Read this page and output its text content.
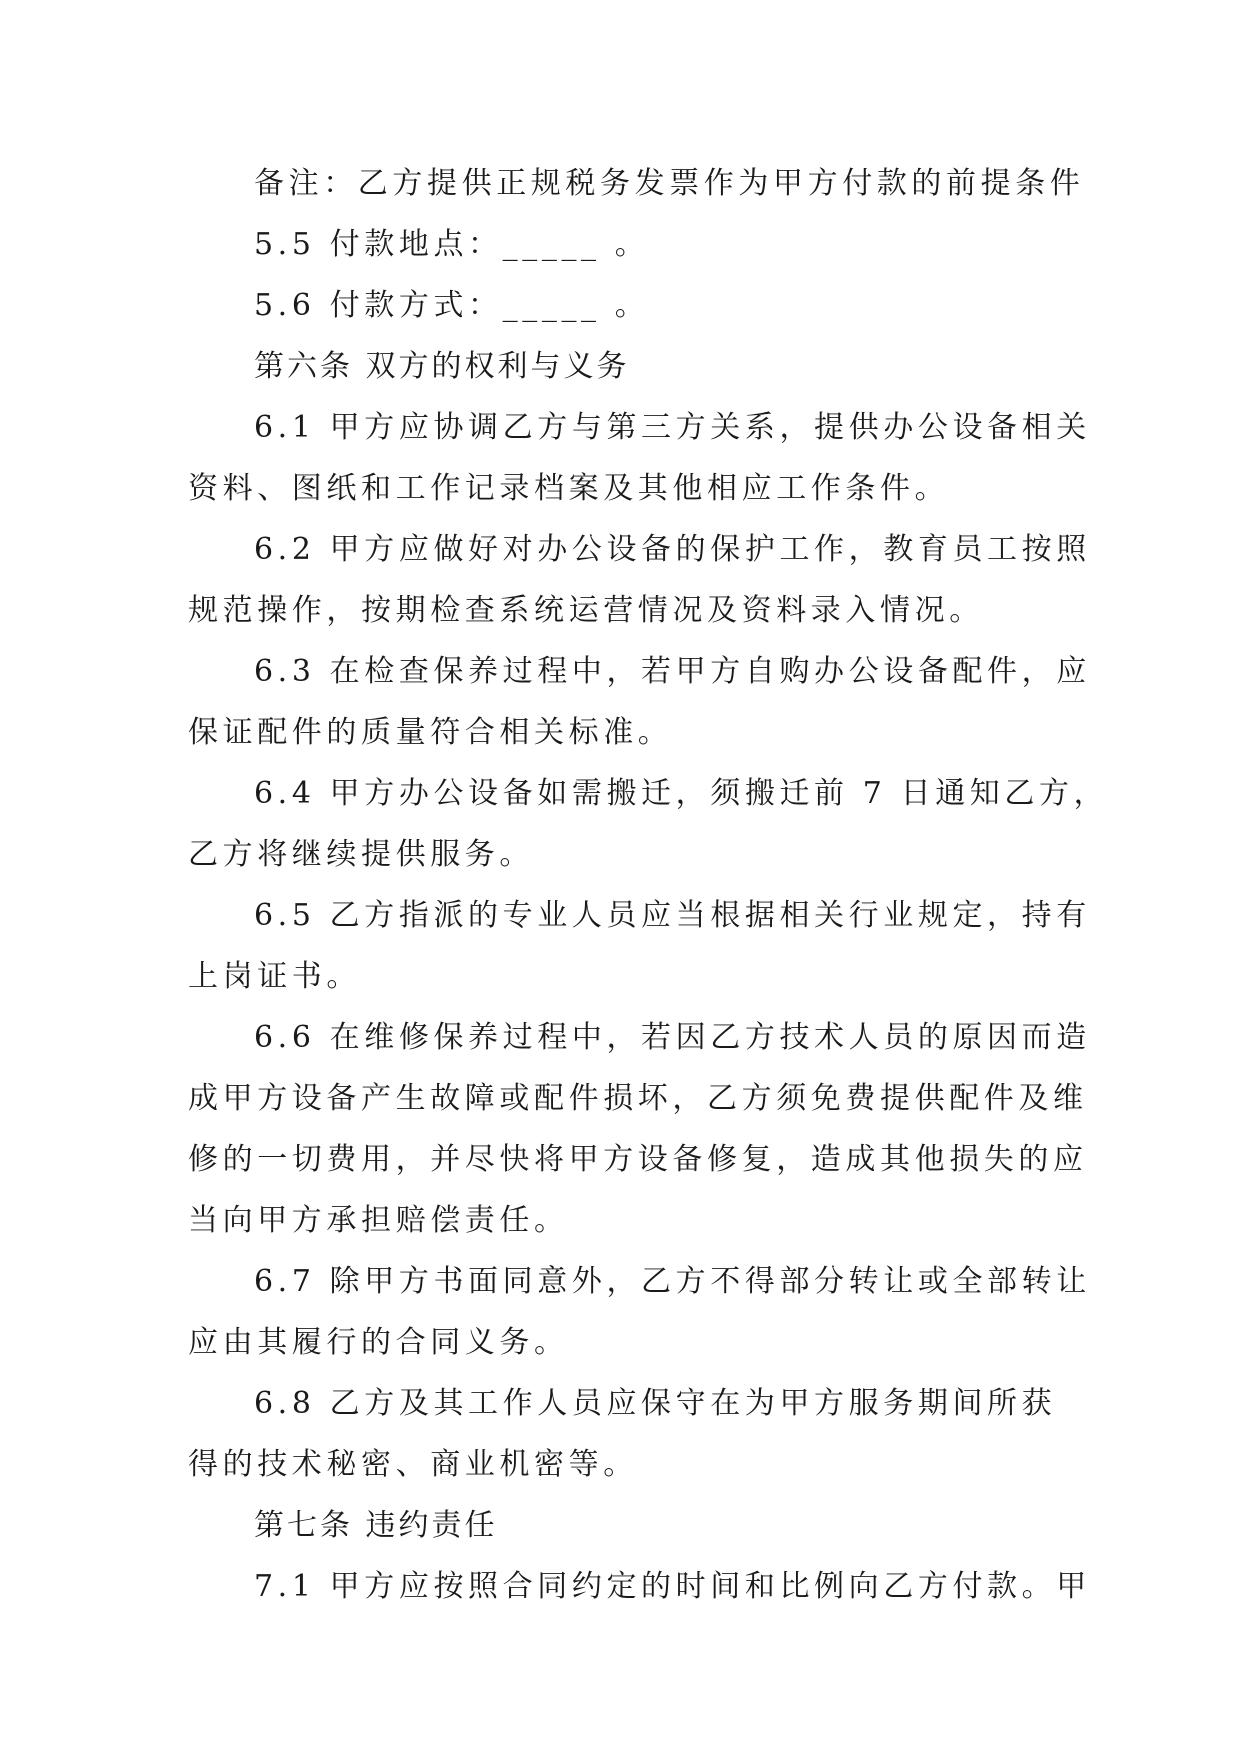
备注：乙方提供正规税务发票作为甲方付款的前提条件
5.5 付款地点：_____ 。
5.6 付款方式：_____ 。
第六条 双方的权利与义务
6.1 甲方应协调乙方与第三方关系，提供办公设备相关
资料、图纸和工作记录档案及其他相应工作条件。
6.2 甲方应做好对办公设备的保护工作，教育员工按照
规范操作，按期检查系统运营情况及资料录入情况。
6.3 在检查保养过程中，若甲方自购办公设备配件，应
保证配件的质量符合相关标准。
6.4 甲方办公设备如需搬迁，须搬迁前 7 日通知乙方，
乙方将继续提供服务。
6.5 乙方指派的专业人员应当根据相关行业规定，持有
上岗证书。
6.6 在维修保养过程中，若因乙方技术人员的原因而造
成甲方设备产生故障或配件损坏，乙方须免费提供配件及维
修的一切费用，并尽快将甲方设备修复，造成其他损失的应
当向甲方承担赔偿责任。
6.7 除甲方书面同意外，乙方不得部分转让或全部转让
应由其履行的合同义务。
6.8 乙方及其工作人员应保守在为甲方服务期间所获
得的技术秘密、商业机密等。
第七条 违约责任
7.1 甲方应按照合同约定的时间和比例向乙方付款。甲
